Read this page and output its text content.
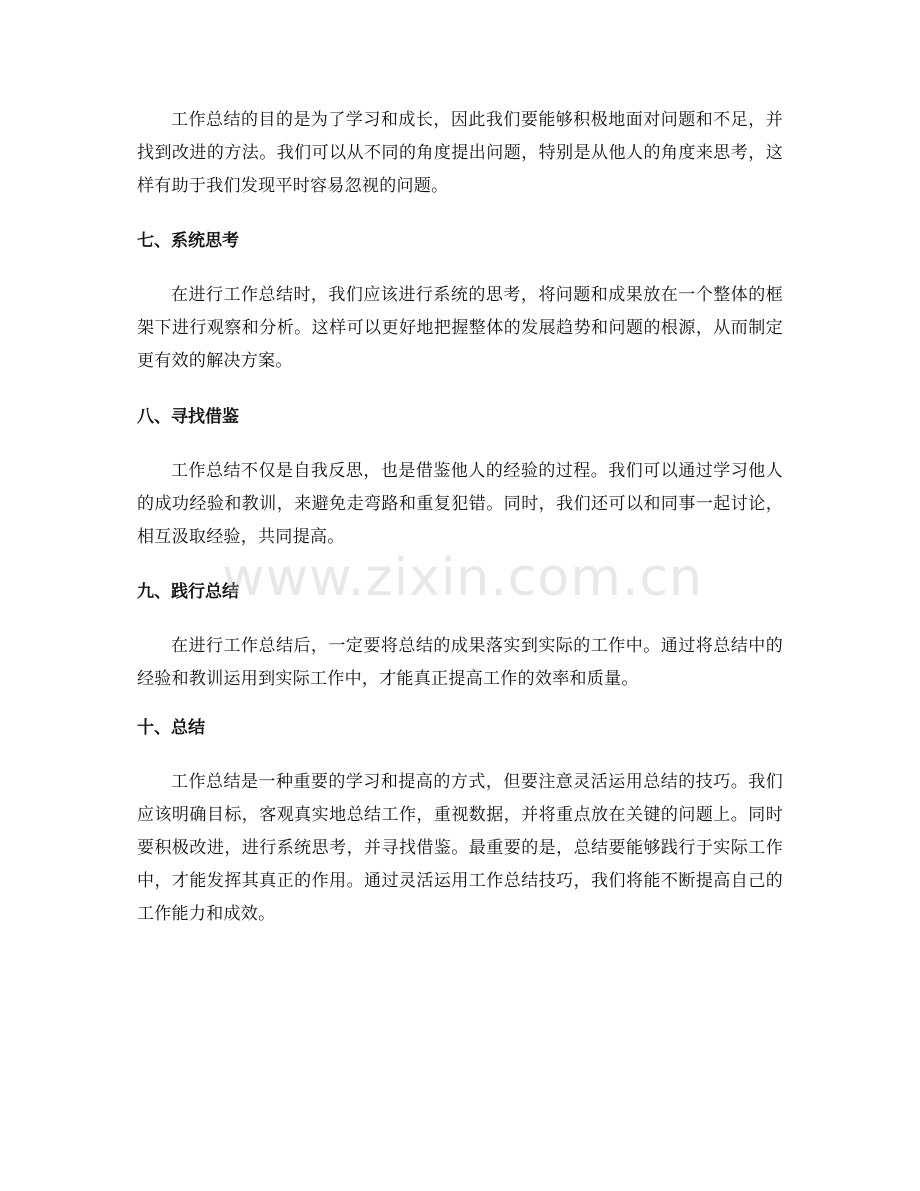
工作总结的目的是为了学习和成长，因此我们要能够积极地面对问题和不足，并找到改进的方法。我们可以从不同的角度提出问题，特别是从他人的角度来思考，这样有助于我们发现平时容易忽视的问题。

七、系统思考

在进行工作总结时，我们应该进行系统的思考，将问题和成果放在一个整体的框架下进行观察和分析。这样可以更好地把握整体的发展趋势和问题的根源，从而制定更有效的解决方案。

八、寻找借鉴

工作总结不仅是自我反思，也是借鉴他人的经验的过程。我们可以通过学习他人的成功经验和教训，来避免走弯路和重复犯错。同时，我们还可以和同事一起讨论，相互汲取经验，共同提高。

九、践行总结

在进行工作总结后，一定要将总结的成果落实到实际的工作中。通过将总结中的经验和教训运用到实际工作中，才能真正提高工作的效率和质量。

十、总结

工作总结是一种重要的学习和提高的方式，但要注意灵活运用总结的技巧。我们应该明确目标，客观真实地总结工作，重视数据，并将重点放在关键的问题上。同时要积极改进，进行系统思考，并寻找借鉴。最重要的是，总结要能够践行于实际工作中，才能发挥其真正的作用。通过灵活运用工作总结技巧，我们将能不断提高自己的工作能力和成效。

www.zixin.com.cn
